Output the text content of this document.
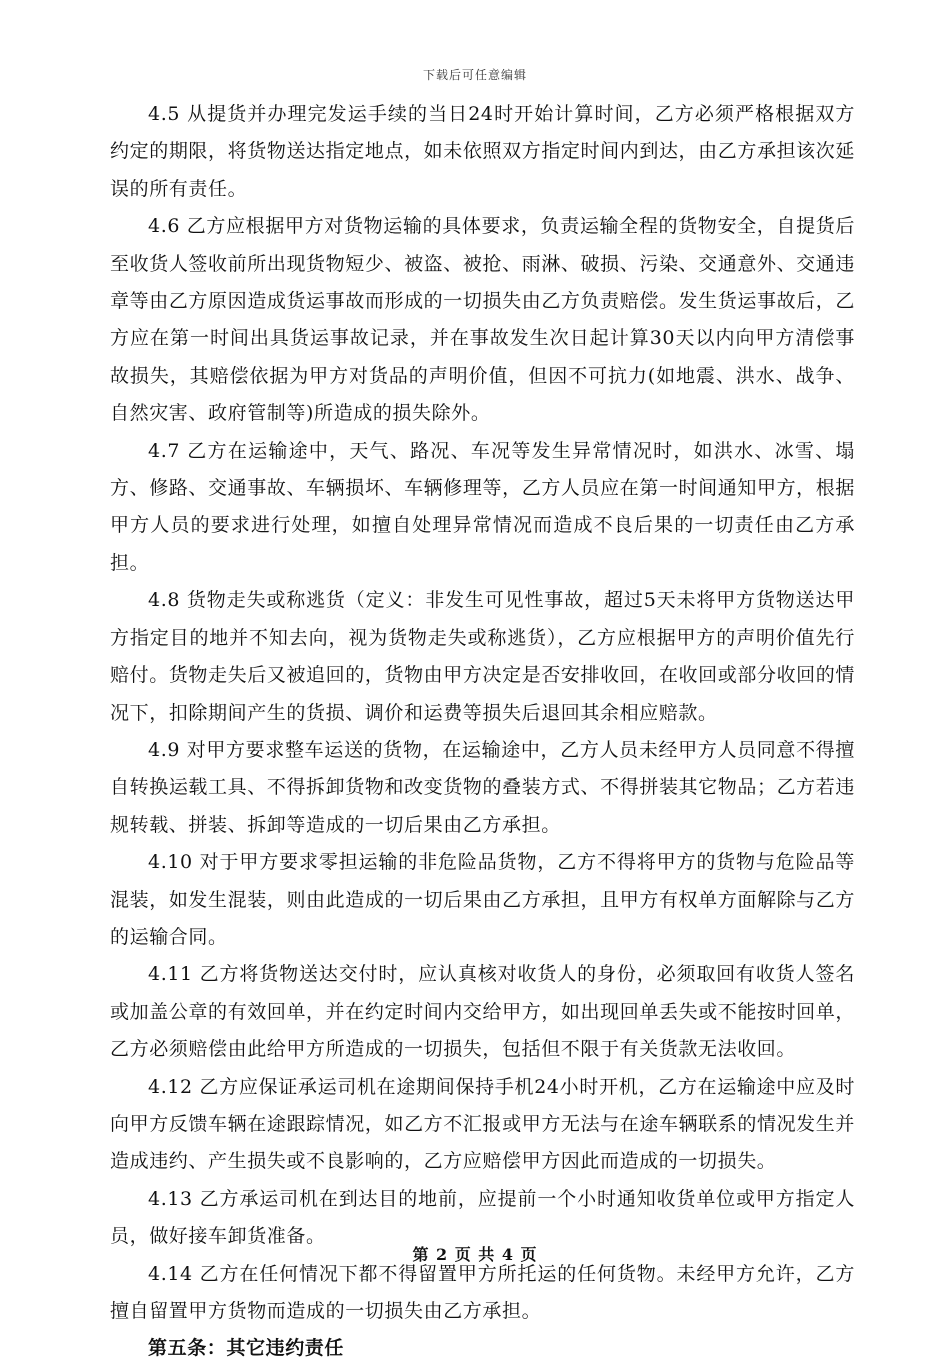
下载后可任意编辑

4.5 从提货并办理完发运手续的当日24时开始计算时间，乙方必须严格根据双方约定的期限，将货物送达指定地点，如未依照双方指定时间内到达，由乙方承担该次延误的所有责任。

4.6 乙方应根据甲方对货物运输的具体要求，负责运输全程的货物安全，自提货后至收货人签收前所出现货物短少、被盗、被抢、雨淋、破损、污染、交通意外、交通违章等由乙方原因造成货运事故而形成的一切损失由乙方负责赔偿。发生货运事故后，乙方应在第一时间出具货运事故记录，并在事故发生次日起计算30天以内向甲方清偿事故损失，其赔偿依据为甲方对货品的声明价值，但因不可抗力(如地震、洪水、战争、自然灾害、政府管制等)所造成的损失除外。

4.7 乙方在运输途中，天气、路况、车况等发生异常情况时，如洪水、冰雪、塌方、修路、交通事故、车辆损坏、车辆修理等，乙方人员应在第一时间通知甲方，根据甲方人员的要求进行处理，如擅自处理异常情况而造成不良后果的一切责任由乙方承担。

4.8 货物走失或称逃货（定义：非发生可见性事故，超过5天未将甲方货物送达甲方指定目的地并不知去向，视为货物走失或称逃货），乙方应根据甲方的声明价值先行赔付。货物走失后又被追回的，货物由甲方决定是否安排收回，在收回或部分收回的情况下，扣除期间产生的货损、调价和运费等损失后退回其余相应赔款。

4.9 对甲方要求整车运送的货物，在运输途中，乙方人员未经甲方人员同意不得擅自转换运载工具、不得拆卸货物和改变货物的叠装方式、不得拼装其它物品；乙方若违规转载、拼装、拆卸等造成的一切后果由乙方承担。

4.10 对于甲方要求零担运输的非危险品货物，乙方不得将甲方的货物与危险品等混装，如发生混装，则由此造成的一切后果由乙方承担，且甲方有权单方面解除与乙方的运输合同。

4.11 乙方将货物送达交付时，应认真核对收货人的身份，必须取回有收货人签名或加盖公章的有效回单，并在约定时间内交给甲方，如出现回单丢失或不能按时回单，乙方必须赔偿由此给甲方所造成的一切损失，包括但不限于有关货款无法收回。

4.12 乙方应保证承运司机在途期间保持手机24小时开机，乙方在运输途中应及时向甲方反馈车辆在途跟踪情况，如乙方不汇报或甲方无法与在途车辆联系的情况发生并造成违约、产生损失或不良影响的，乙方应赔偿甲方因此而造成的一切损失。

4.13 乙方承运司机在到达目的地前，应提前一个小时通知收货单位或甲方指定人员，做好接车卸货准备。

4.14 乙方在任何情况下都不得留置甲方所托运的任何货物。未经甲方允许，乙方擅自留置甲方货物而造成的一切损失由乙方承担。

第五条：其它违约责任

第 2 页 共 4 页
